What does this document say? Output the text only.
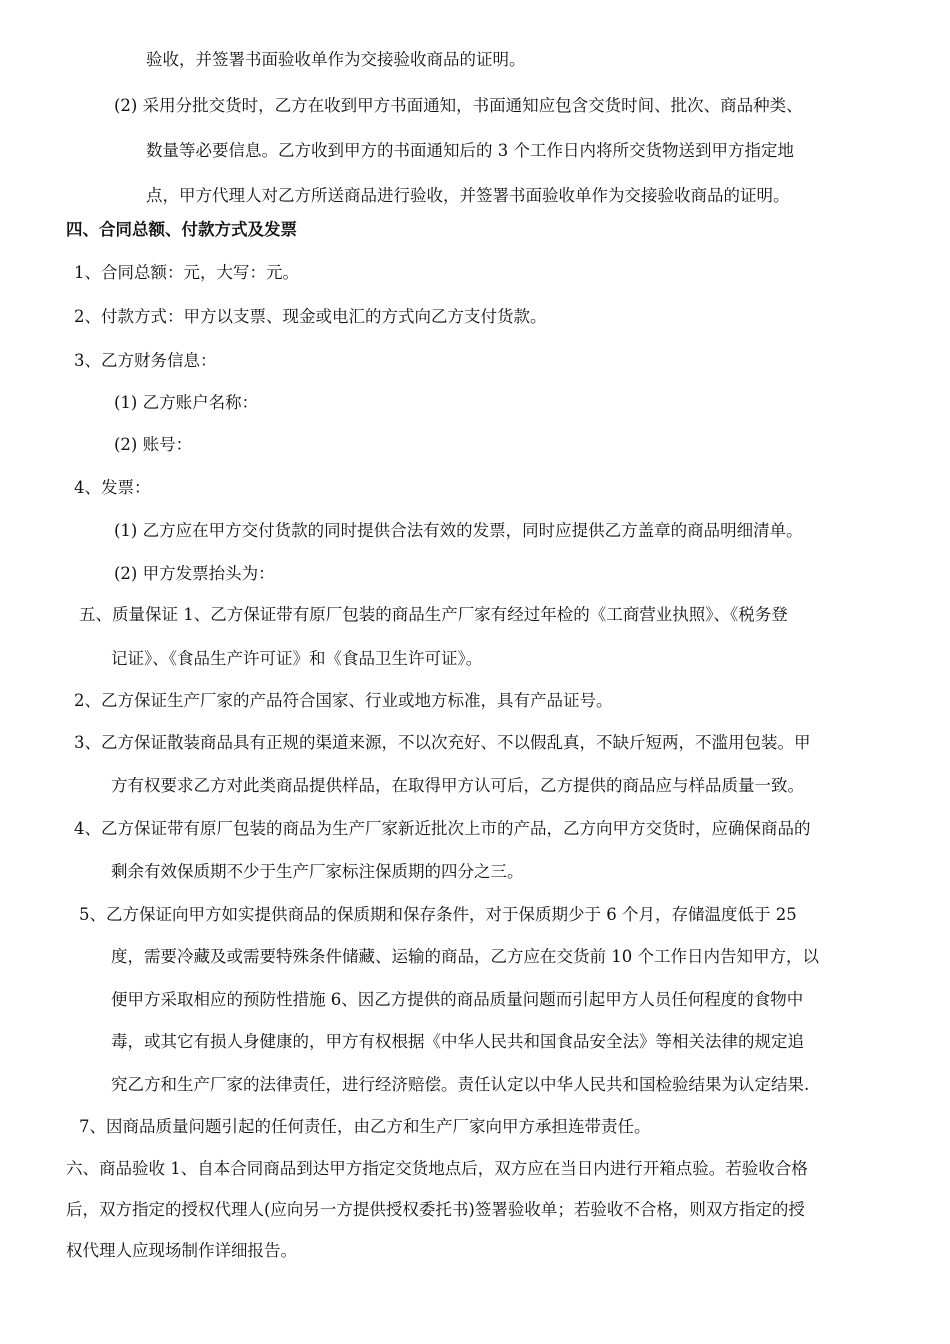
验收，并签署书面验收单作为交接验收商品的证明。
(2) 采用分批交货时，乙方在收到甲方书面通知，书面通知应包含交货时间、批次、商品种类、
数量等必要信息。乙方收到甲方的书面通知后的 3 个工作日内将所交货物送到甲方指定地
点，甲方代理人对乙方所送商品进行验收，并签署书面验收单作为交接验收商品的证明。
四、合同总额、付款方式及发票
1、合同总额：元，大写：元。
2、付款方式：甲方以支票、现金或电汇的方式向乙方支付货款。
3、乙方财务信息：
(1) 乙方账户名称：
(2) 账号：
4、发票：
(1) 乙方应在甲方交付货款的同时提供合法有效的发票，同时应提供乙方盖章的商品明细清单。
(2) 甲方发票抬头为：
五、质量保证 1、乙方保证带有原厂包装的商品生产厂家有经过年检的《工商营业执照》、《税务登
记证》、《食品生产许可证》和《食品卫生许可证》。
2、乙方保证生产厂家的产品符合国家、行业或地方标准，具有产品证号。
3、乙方保证散装商品具有正规的渠道来源，不以次充好、不以假乱真，不缺斤短两，不滥用包装。甲
方有权要求乙方对此类商品提供样品，在取得甲方认可后，乙方提供的商品应与样品质量一致。
4、乙方保证带有原厂包装的商品为生产厂家新近批次上市的产品，乙方向甲方交货时，应确保商品的
剩余有效保质期不少于生产厂家标注保质期的四分之三。
5、乙方保证向甲方如实提供商品的保质期和保存条件，对于保质期少于 6 个月，存储温度低于 25
度，需要冷藏及或需要特殊条件储藏、运输的商品，乙方应在交货前 10 个工作日内告知甲方，以
便甲方采取相应的预防性措施 6、因乙方提供的商品质量问题而引起甲方人员任何程度的食物中
毒，或其它有损人身健康的，甲方有权根据《中华人民共和国食品安全法》等相关法律的规定追
究乙方和生产厂家的法律责任，进行经济赔偿。责任认定以中华人民共和国检验结果为认定结果.
7、因商品质量问题引起的任何责任，由乙方和生产厂家向甲方承担连带责任。
六、商品验收 1、自本合同商品到达甲方指定交货地点后，双方应在当日内进行开箱点验。若验收合格
后，双方指定的授权代理人(应向另一方提供授权委托书)签署验收单；若验收不合格，则双方指定的授
权代理人应现场制作详细报告。
